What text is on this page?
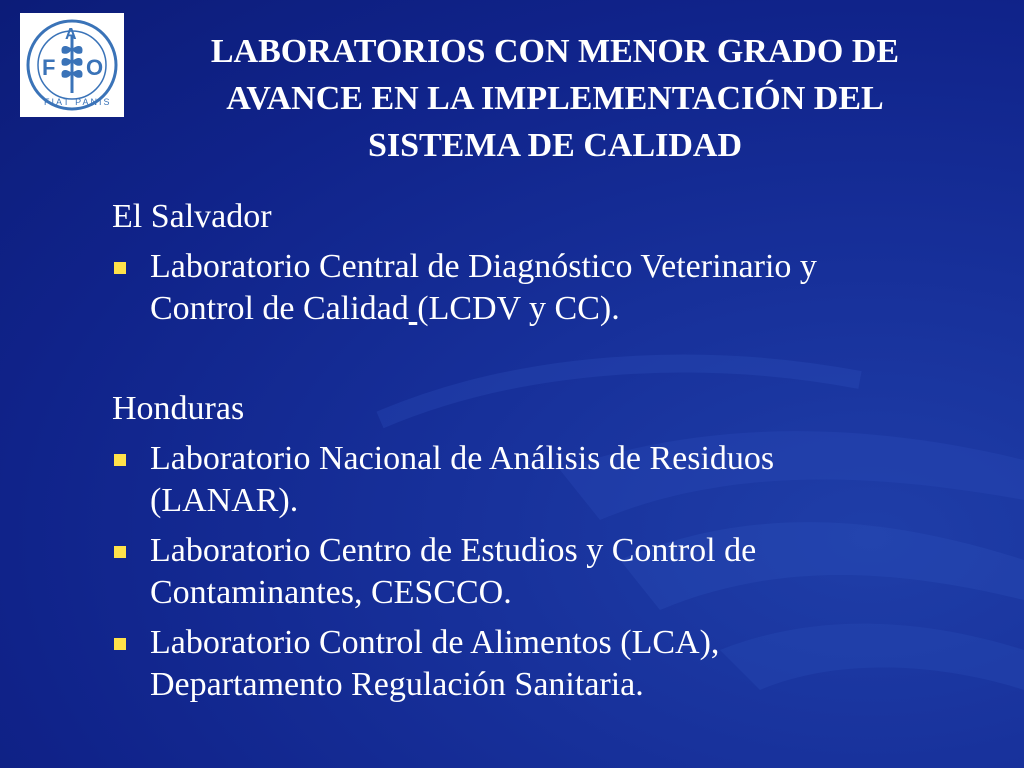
F
A
O
FIAT PANIS
LABORATORIOS CON MENOR GRADO DE
AVANCE EN LA IMPLEMENTACIÓN DEL
SISTEMA DE CALIDAD

El Salvador

Laboratorio Central de Diagnóstico Veterinario y
Control de Calidad (LCDV y CC).

Honduras

Laboratorio Nacional de Análisis de Residuos
(LANAR).
Laboratorio Centro de Estudios y Control de
Contaminantes, CESCCO.
Laboratorio Control de Alimentos (LCA),
Departamento Regulación Sanitaria.
